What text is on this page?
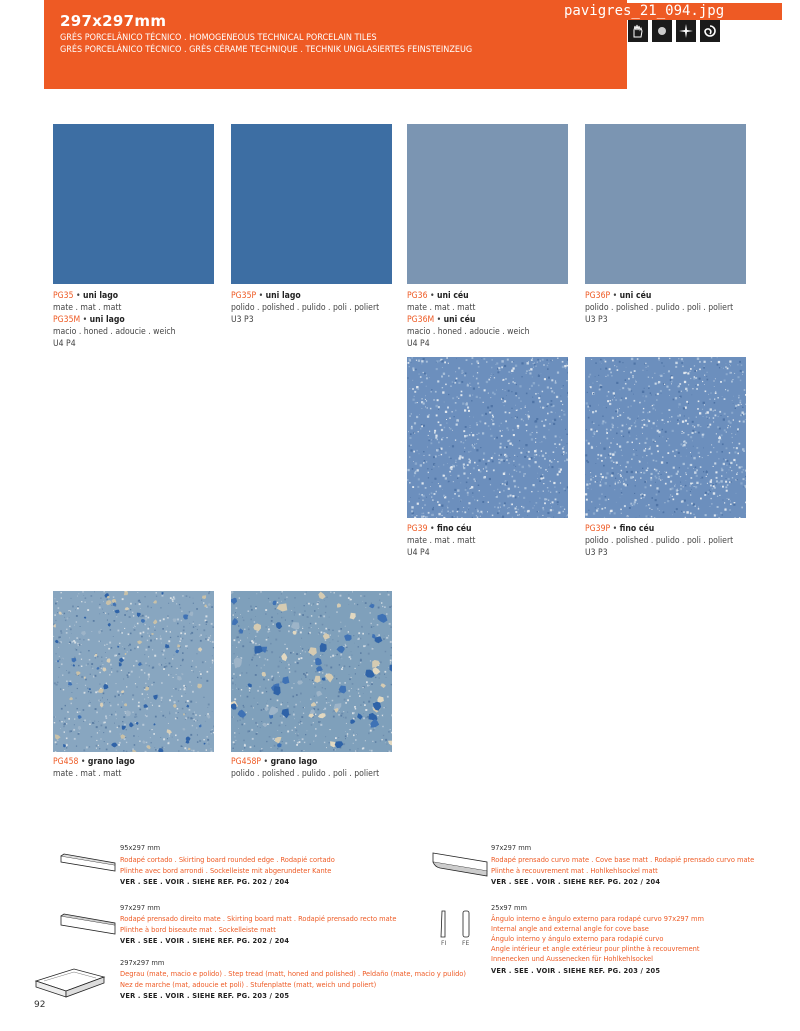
297x297mm
GRÉS PORCELÂNICO TÉCNICO . HOMOGENEOUS TECHNICAL PORCELAIN TILES
GRÉS PORCELÁNICO TÉCNICO . GRÈS CÉRAME TECHNIQUE . TECHNIK UNGLASIERTES FEINSTEINZEUG
pavigres_21_094.jpg
PG35 • uni lago
mate . mat . matt
PG35M • uni lago
macio . honed . adoucie . weich
U4 P4
PG35P • uni lago
polido . polished . pulido . poli . poliert
U3 P3
PG36 • uni céu
mate . mat . matt
PG36M • uni céu
macio . honed . adoucie . weich
U4 P4
PG36P • uni céu
polido . polished . pulido . poli . poliert
U3 P3
PG39 • fino céu
mate . mat . matt
U4 P4
PG39P • fino céu
polido . polished . pulido . poli . poliert
U3 P3
PG458 • grano lago
mate . mat . matt
PG458P • grano lago
polido . polished . pulido . poli . poliert
FI	FE
95x297 mm
Rodapé cortado . Skirting board rounded edge . Rodapié cortado
Plinthe avec bord arrondi . Sockelleiste mit abgerundeter Kante
VER . SEE . VOIR . SIEHE REF. PG. 202 / 204
97x297 mm
Rodapé prensado direito mate . Skirting board matt . Rodapié prensado recto mate
Plinthe à bord biseaute mat . Sockelleiste matt
VER . SEE . VOIR . SIEHE REF. PG. 202 / 204
297x297 mm
Degrau (mate, macio e polido) . Step tread (matt, honed and polished) . Peldaño (mate, macio y pulido)
Nez de marche (mat, adoucie et poli) . Stufenplatte (matt, weich und poliert)
VER . SEE . VOIR . SIEHE REF. PG. 203 / 205
97x297 mm
Rodapé prensado curvo mate . Cove base matt . Rodapié prensado curvo mate
Plinthe à recouvrement mat . Hohlkehlsockel matt
VER . SEE . VOIR . SIEHE REF. PG. 202 / 204
25x97 mm
Ângulo interno e ângulo externo para rodapé curvo 97x297 mm
Internal angle and external angle for cove base
Ángulo interno y ángulo externo para rodapié curvo
Angle intérieur et angle extérieur pour plinthe à recouvrement
Innenecken und Aussenecken für Hohlkehlsockel
VER . SEE . VOIR . SIEHE REF. PG. 203 / 205
92
